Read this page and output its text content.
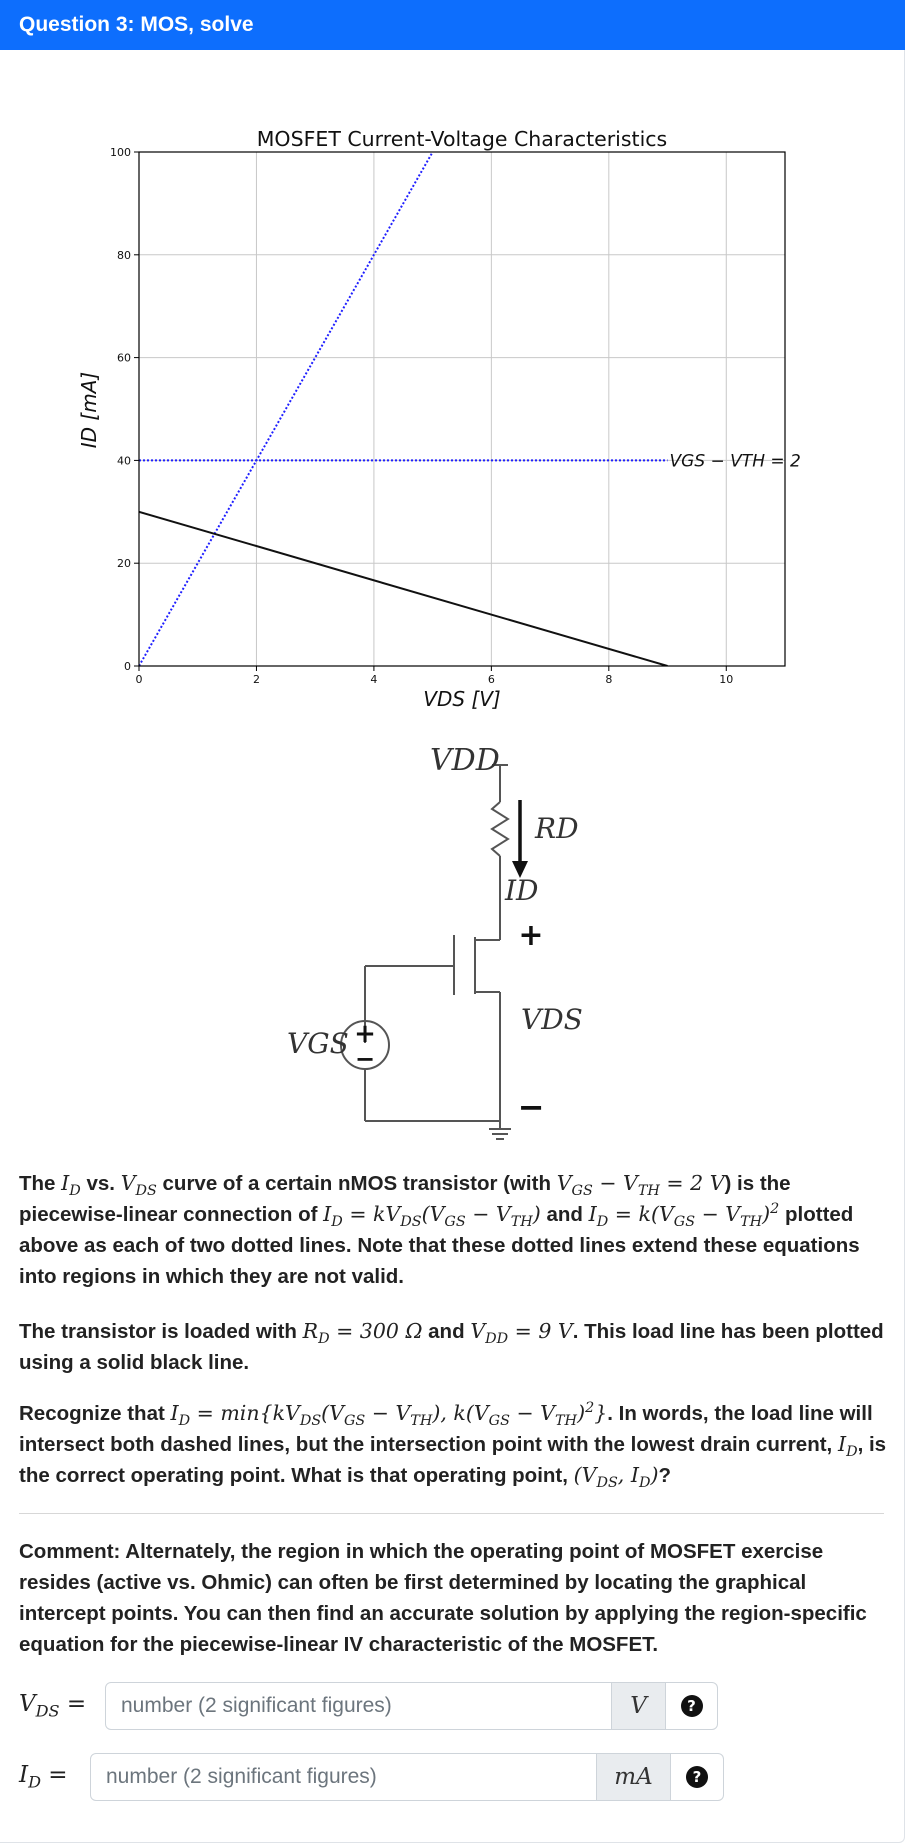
Question 3: MOS, solve
0	2	4	6	8	10
0
20
40
60
80
100
MOSFET Current-Voltage Characteristics
VDS [V]
ID [mA]
VGS − VTH = 2
VDD
RD
ID
VDS
VGS
+
−
+
−
The $I_D$ vs. $V_{DS}$ curve of a certain nMOS transistor (with $V_{GS} - V_{TH} = 2$ V) is the piecewise-linear connection of $I_D = kV_{DS}(V_{GS} - V_{TH})$ and $I_D = k(V_{GS} - V_{TH})^2$ plotted above as each of two dotted lines. Note that these dotted lines extend these equations into regions in which they are not valid.
The transistor is loaded with $R_D = 300$ Ω and $V_{DD} = 9$ V. This load line has been plotted using a solid black line.
Recognize that $I_D = \min\{kV_{DS}(V_{GS} - V_{TH})$, $k(V_{GS} - V_{TH})^2$}. In words, the load line will intersect both dashed lines, but the intersection point with the lowest drain current, $I_D$, is the correct operating point. What is that operating point, ($V_{DS}$, $I_D$)?
Comment: Alternately, the region in which the operating point of MOSFET exercise resides (active vs. Ohmic) can often be first determined by locating the graphical intercept points. You can then find an accurate solution by applying the region-specific equation for the piecewise-linear IV characteristic of the MOSFET.
$V_{DS}$ =
number (2 significant figures)	V	?
$I_D$ =
number (2 significant figures)	mA	?
